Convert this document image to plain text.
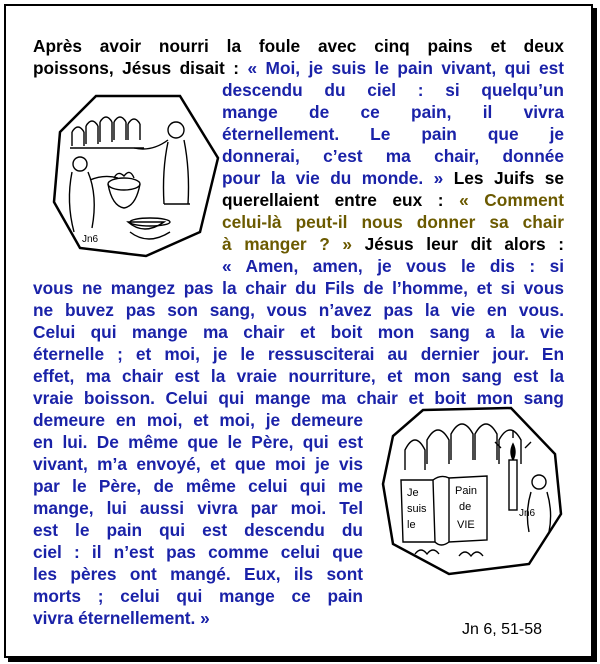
Après avoir nourri la foule avec cinq pains et deux
poissons, Jésus disait : « Moi, je suis le pain vivant, qui est
descendu du ciel : si quelqu’un
mange de ce pain, il vivra
éternellement. Le pain que je
donnerai, c’est ma chair, donnée
pour la vie du monde. » Les Juifs se
querellaient entre eux : « Comment
celui-là peut-il nous donner sa chair
à manger ? » Jésus leur dit alors :
« Amen, amen, je vous le dis : si
vous ne mangez pas la chair du Fils de l’homme, et si vous
ne buvez pas son sang, vous n’avez pas la vie en vous.
Celui qui mange ma chair et boit mon sang a la vie
éternelle ; et moi, je le ressusciterai au dernier jour. En
effet, ma chair est la vraie nourriture, et mon sang est la
vraie boisson. Celui qui mange ma chair et boit mon sang
demeure en moi, et moi, je demeure
en lui. De même que le Père, qui est
vivant, m’a envoyé, et que moi je vis
par le Père, de même celui qui me
mange, lui aussi vivra par moi. Tel
est le pain qui est descendu du
ciel : il n’est pas comme celui que
les pères ont mangé. Eux, ils sont
morts ; celui qui mange ce pain
vivra éternellement. »
Jn6
Je
suis
le
Pain
de
VIE
Jn6
Jn 6, 51-58
